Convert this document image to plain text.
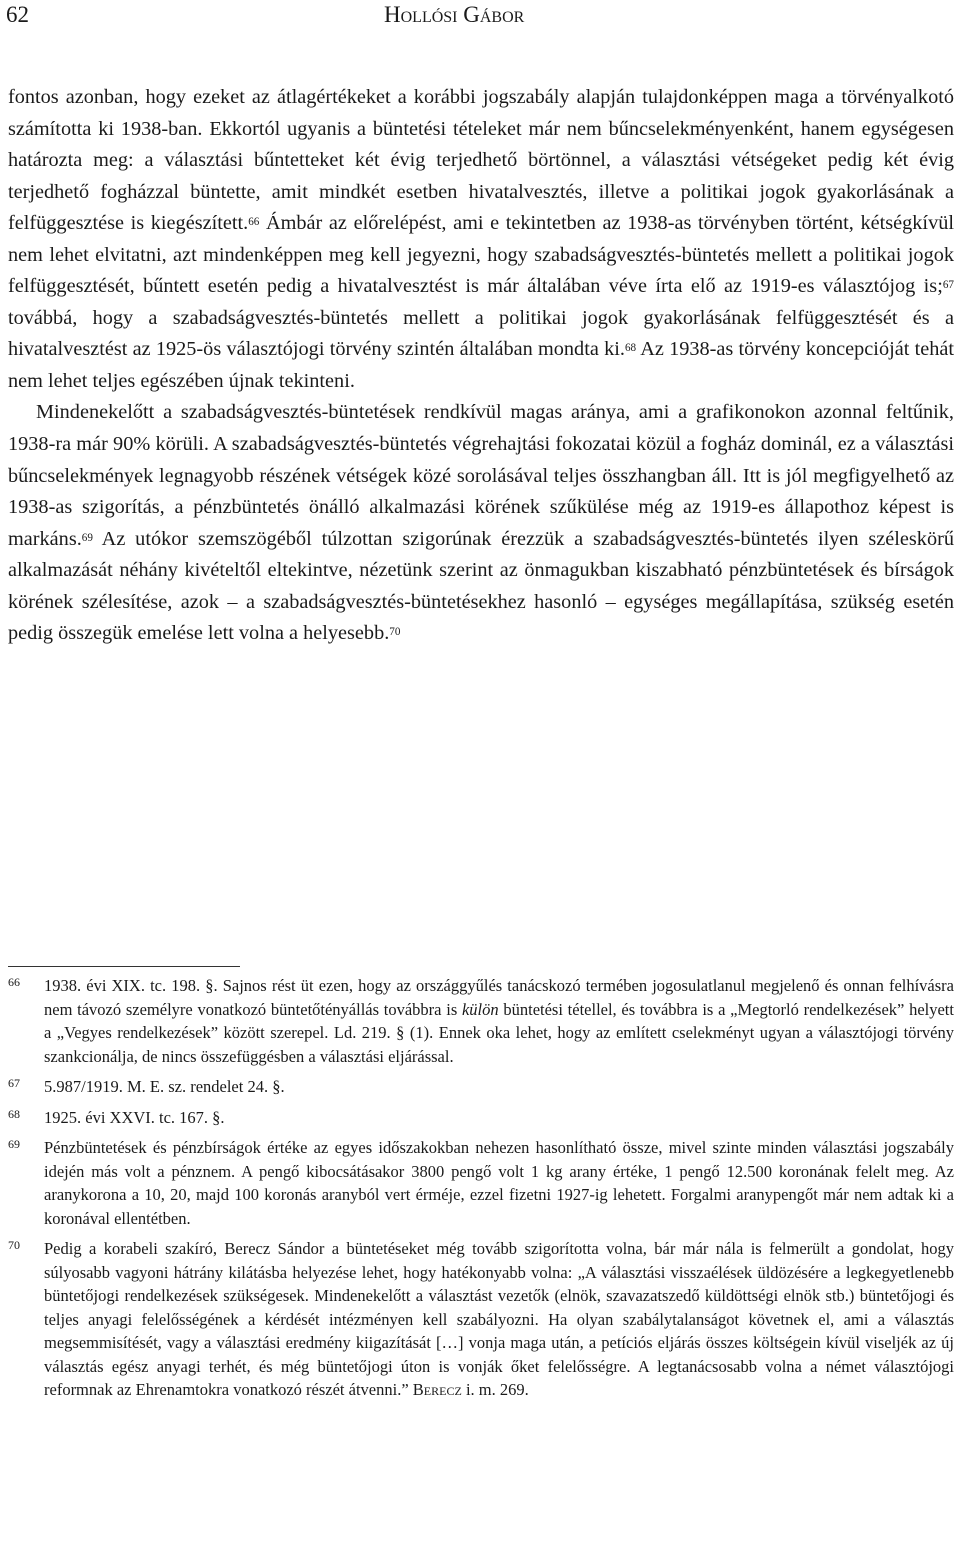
62	Hollósi Gábor

fontos azonban, hogy ezeket az átlagértékeket a korábbi jogszabály alapján tulajdonképpen maga a törvényalkotó számította ki 1938-ban. Ekkortól ugyanis a büntetési tételeket már nem bűncselekményenként, hanem egységesen határozta meg: a választási bűntetteket két évig terjedhető börtönnel, a választási vétségeket pedig két évig terjedhető fogházzal büntette, amit mindkét esetben hivatalvesztés, illetve a politikai jogok gyakorlásának a felfüggesztése is kiegészített.$^{66}$ Ámbár az előrelépést, ami e tekintetben az 1938-as törvényben történt, kétségkívül nem lehet elvitatni, azt mindenképpen meg kell jegyezni, hogy szabadságvesztés-büntetés mellett a politikai jogok felfüggesztését, bűntett esetén pedig a hivatalvesztést is már általában véve írta elő az 1919-es választójog is;$^{67}$ továbbá, hogy a szabadságvesztés-büntetés mellett a politikai jogok gyakorlásának felfüggesztését és a hivatalvesztést az 1925-ös választójogi törvény szintén általában mondta ki.$^{68}$ Az 1938-as törvény koncepcióját tehát nem lehet teljes egészében újnak tekinteni.

Mindenekelőtt a szabadságvesztés-büntetések rendkívül magas aránya, ami a grafikonokon azonnal feltűnik, 1938-ra már 90% körüli. A szabadságvesztés-büntetés végrehajtási fokozatai közül a fogház dominál, ez a választási bűncselekmények legnagyobb részének vétségek közé sorolásával teljes összhangban áll. Itt is jól megfigyelhető az 1938-as szigorítás, a pénzbüntetés önálló alkalmazási körének szűkülése még az 1919-es állapothoz képest is markáns.$^{69}$ Az utókor szemszögéből túlzottan szigorúnak érezzük a szabadságvesztés-büntetés ilyen széleskörű alkalmazását néhány kivételtől eltekintve, nézetünk szerint az önmagukban kiszabható pénzbüntetések és bírságok körének szélesítése, azok – a szabadságvesztés-büntetésekhez hasonló – egységes megállapítása, szükség esetén pedig összegük emelése lett volna a helyesebb.$^{70}$

66 1938. évi XIX. tc. 198. §. Sajnos rést üt ezen, hogy az országgyűlés tanácskozó termében jogosulatlanul megjelenő és onnan felhívásra nem távozó személyre vonatkozó büntetőtényállás továbbra is külön büntetési tétellel, és továbbra is a „Megtorló rendelkezések” helyett a „Vegyes rendelkezések” között szerepel. Ld. 219. § (1). Ennek oka lehet, hogy az említett cselekményt ugyan a választójogi törvény szankcionálja, de nincs összefüggésben a választási eljárással.
67 5.987/1919. M. E. sz. rendelet 24. §.
68 1925. évi XXVI. tc. 167. §.
69 Pénzbüntetések és pénzbírságok értéke az egyes időszakokban nehezen hasonlítható össze, mivel szinte minden választási jogszabály idején más volt a pénznem. A pengő kibocsátásakor 3800 pengő volt 1 kg arany értéke, 1 pengő 12.500 koronának felelt meg. Az aranykorona a 10, 20, majd 100 koronás aranyból vert érméje, ezzel fizetni 1927-ig lehetett. Forgalmi aranypengőt már nem adtak ki a koronával ellentétben.
70 Pedig a korabeli szakíró, Berecz Sándor a büntetéseket még tovább szigorította volna, bár már nála is felmerült a gondolat, hogy súlyosabb vagyoni hátrány kilátásba helyezése lehet, hogy hatékonyabb volna: „A választási visszaélések üldözésére a legkegyetlenebb büntetőjogi rendelkezések szükségesek. Mindenekelőtt a választást vezetők (elnök, szavazatszedő küldöttségi elnök stb.) büntetőjogi és teljes anyagi felelősségének a kérdését intézményen kell szabályozni. Ha olyan szabálytalanságot követnek el, ami a választás megsemmisítését, vagy a választási eredmény kiigazítását […] vonja maga után, a petíciós eljárás összes költségein kívül viseljék az új választás egész anyagi terhét, és még büntetőjogi úton is vonják őket felelősségre. A legtanácsosabb volna a német választójogi reformnak az Ehrenamtokra vonatkozó részét átvenni.” Berecz i. m. 269.
